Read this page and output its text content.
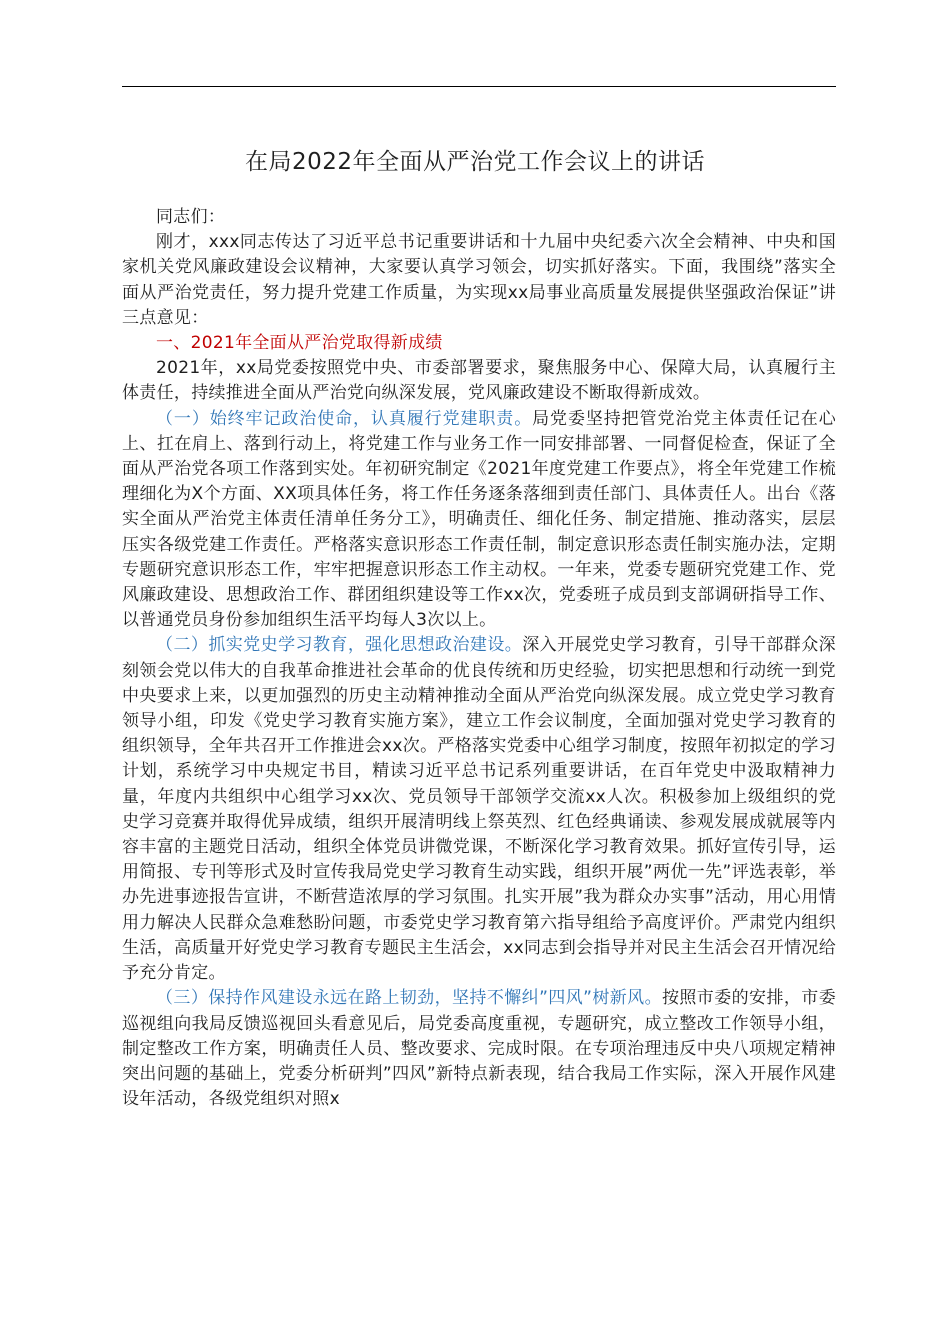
在局2022年全面从严治党工作会议上的讲话

同志们：

刚才，xxx同志传达了习近平总书记重要讲话和十九届中央纪委六次全会精神、中央和国家机关党风廉政建设会议精神，大家要认真学习领会，切实抓好落实。下面，我围绕”落实全面从严治党责任，努力提升党建工作质量，为实现xx局事业高质量发展提供坚强政治保证”讲三点意见：

一、2021年全面从严治党取得新成绩

2021年，xx局党委按照党中央、市委部署要求，聚焦服务中心、保障大局，认真履行主体责任，持续推进全面从严治党向纵深发展，党风廉政建设不断取得新成效。

（一）始终牢记政治使命，认真履行党建职责。局党委坚持把管党治党主体责任记在心上、扛在肩上、落到行动上，将党建工作与业务工作一同安排部署、一同督促检查，保证了全面从严治党各项工作落到实处。年初研究制定《2021年度党建工作要点》，将全年党建工作梳理细化为X个方面、XX项具体任务，将工作任务逐条落细到责任部门、具体责任人。出台《落实全面从严治党主体责任清单任务分工》，明确责任、细化任务、制定措施、推动落实，层层压实各级党建工作责任。严格落实意识形态工作责任制，制定意识形态责任制实施办法，定期专题研究意识形态工作，牢牢把握意识形态工作主动权。一年来，党委专题研究党建工作、党风廉政建设、思想政治工作、群团组织建设等工作xx次，党委班子成员到支部调研指导工作、以普通党员身份参加组织生活平均每人3次以上。

（二）抓实党史学习教育，强化思想政治建设。深入开展党史学习教育，引导干部群众深刻领会党以伟大的自我革命推进社会革命的优良传统和历史经验，切实把思想和行动统一到党中央要求上来，以更加强烈的历史主动精神推动全面从严治党向纵深发展。成立党史学习教育领导小组，印发《党史学习教育实施方案》，建立工作会议制度，全面加强对党史学习教育的组织领导，全年共召开工作推进会xx次。严格落实党委中心组学习制度，按照年初拟定的学习计划，系统学习中央规定书目，精读习近平总书记系列重要讲话，在百年党史中汲取精神力量，年度内共组织中心组学习xx次、党员领导干部领学交流xx人次。积极参加上级组织的党史学习竞赛并取得优异成绩，组织开展清明线上祭英烈、红色经典诵读、参观发展成就展等内容丰富的主题党日活动，组织全体党员讲微党课，不断深化学习教育效果。抓好宣传引导，运用简报、专刊等形式及时宣传我局党史学习教育生动实践，组织开展”两优一先”评选表彰，举办先进事迹报告宣讲，不断营造浓厚的学习氛围。扎实开展”我为群众办实事”活动，用心用情用力解决人民群众急难愁盼问题，市委党史学习教育第六指导组给予高度评价。严肃党内组织生活，高质量开好党史学习教育专题民主生活会，xx同志到会指导并对民主生活会召开情况给予充分肯定。

（三）保持作风建设永远在路上韧劲，坚持不懈纠”四风”树新风。按照市委的安排，市委巡视组向我局反馈巡视回头看意见后，局党委高度重视，专题研究，成立整改工作领导小组，制定整改工作方案，明确责任人员、整改要求、完成时限。在专项治理违反中央八项规定精神突出问题的基础上，党委分析研判”四风”新特点新表现，结合我局工作实际，深入开展作风建设年活动，各级党组织对照x
